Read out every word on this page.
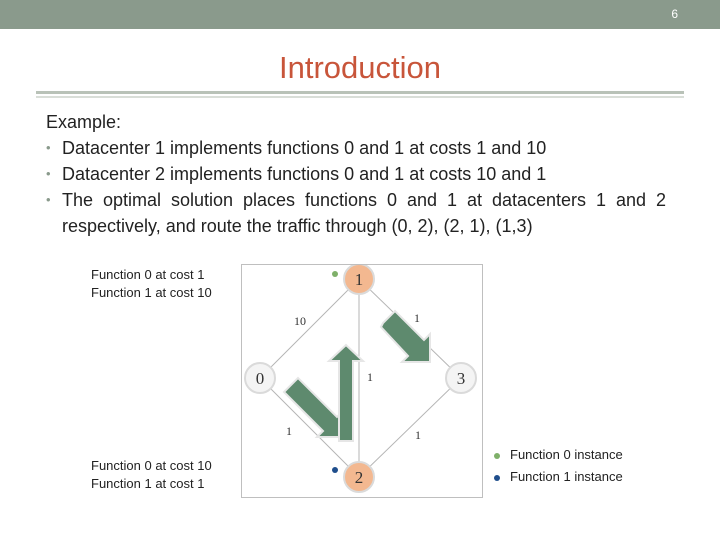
6
Introduction
Example:
• Datacenter 1 implements functions 0 and 1 at costs 1 and 10
• Datacenter 2 implements functions 0 and 1 at costs 10 and 1
• The optimal solution places functions 0 and 1 at datacenters 1 and 2 respectively, and route the traffic through (0, 2), (2, 1), (1,3)
Function 0 at cost 1
Function 1 at cost 10
Function 0 at cost 10
Function 1 at cost 1
10	1
1
1	1
1
0	3
2
Function 0 instance
Function 1 instance
